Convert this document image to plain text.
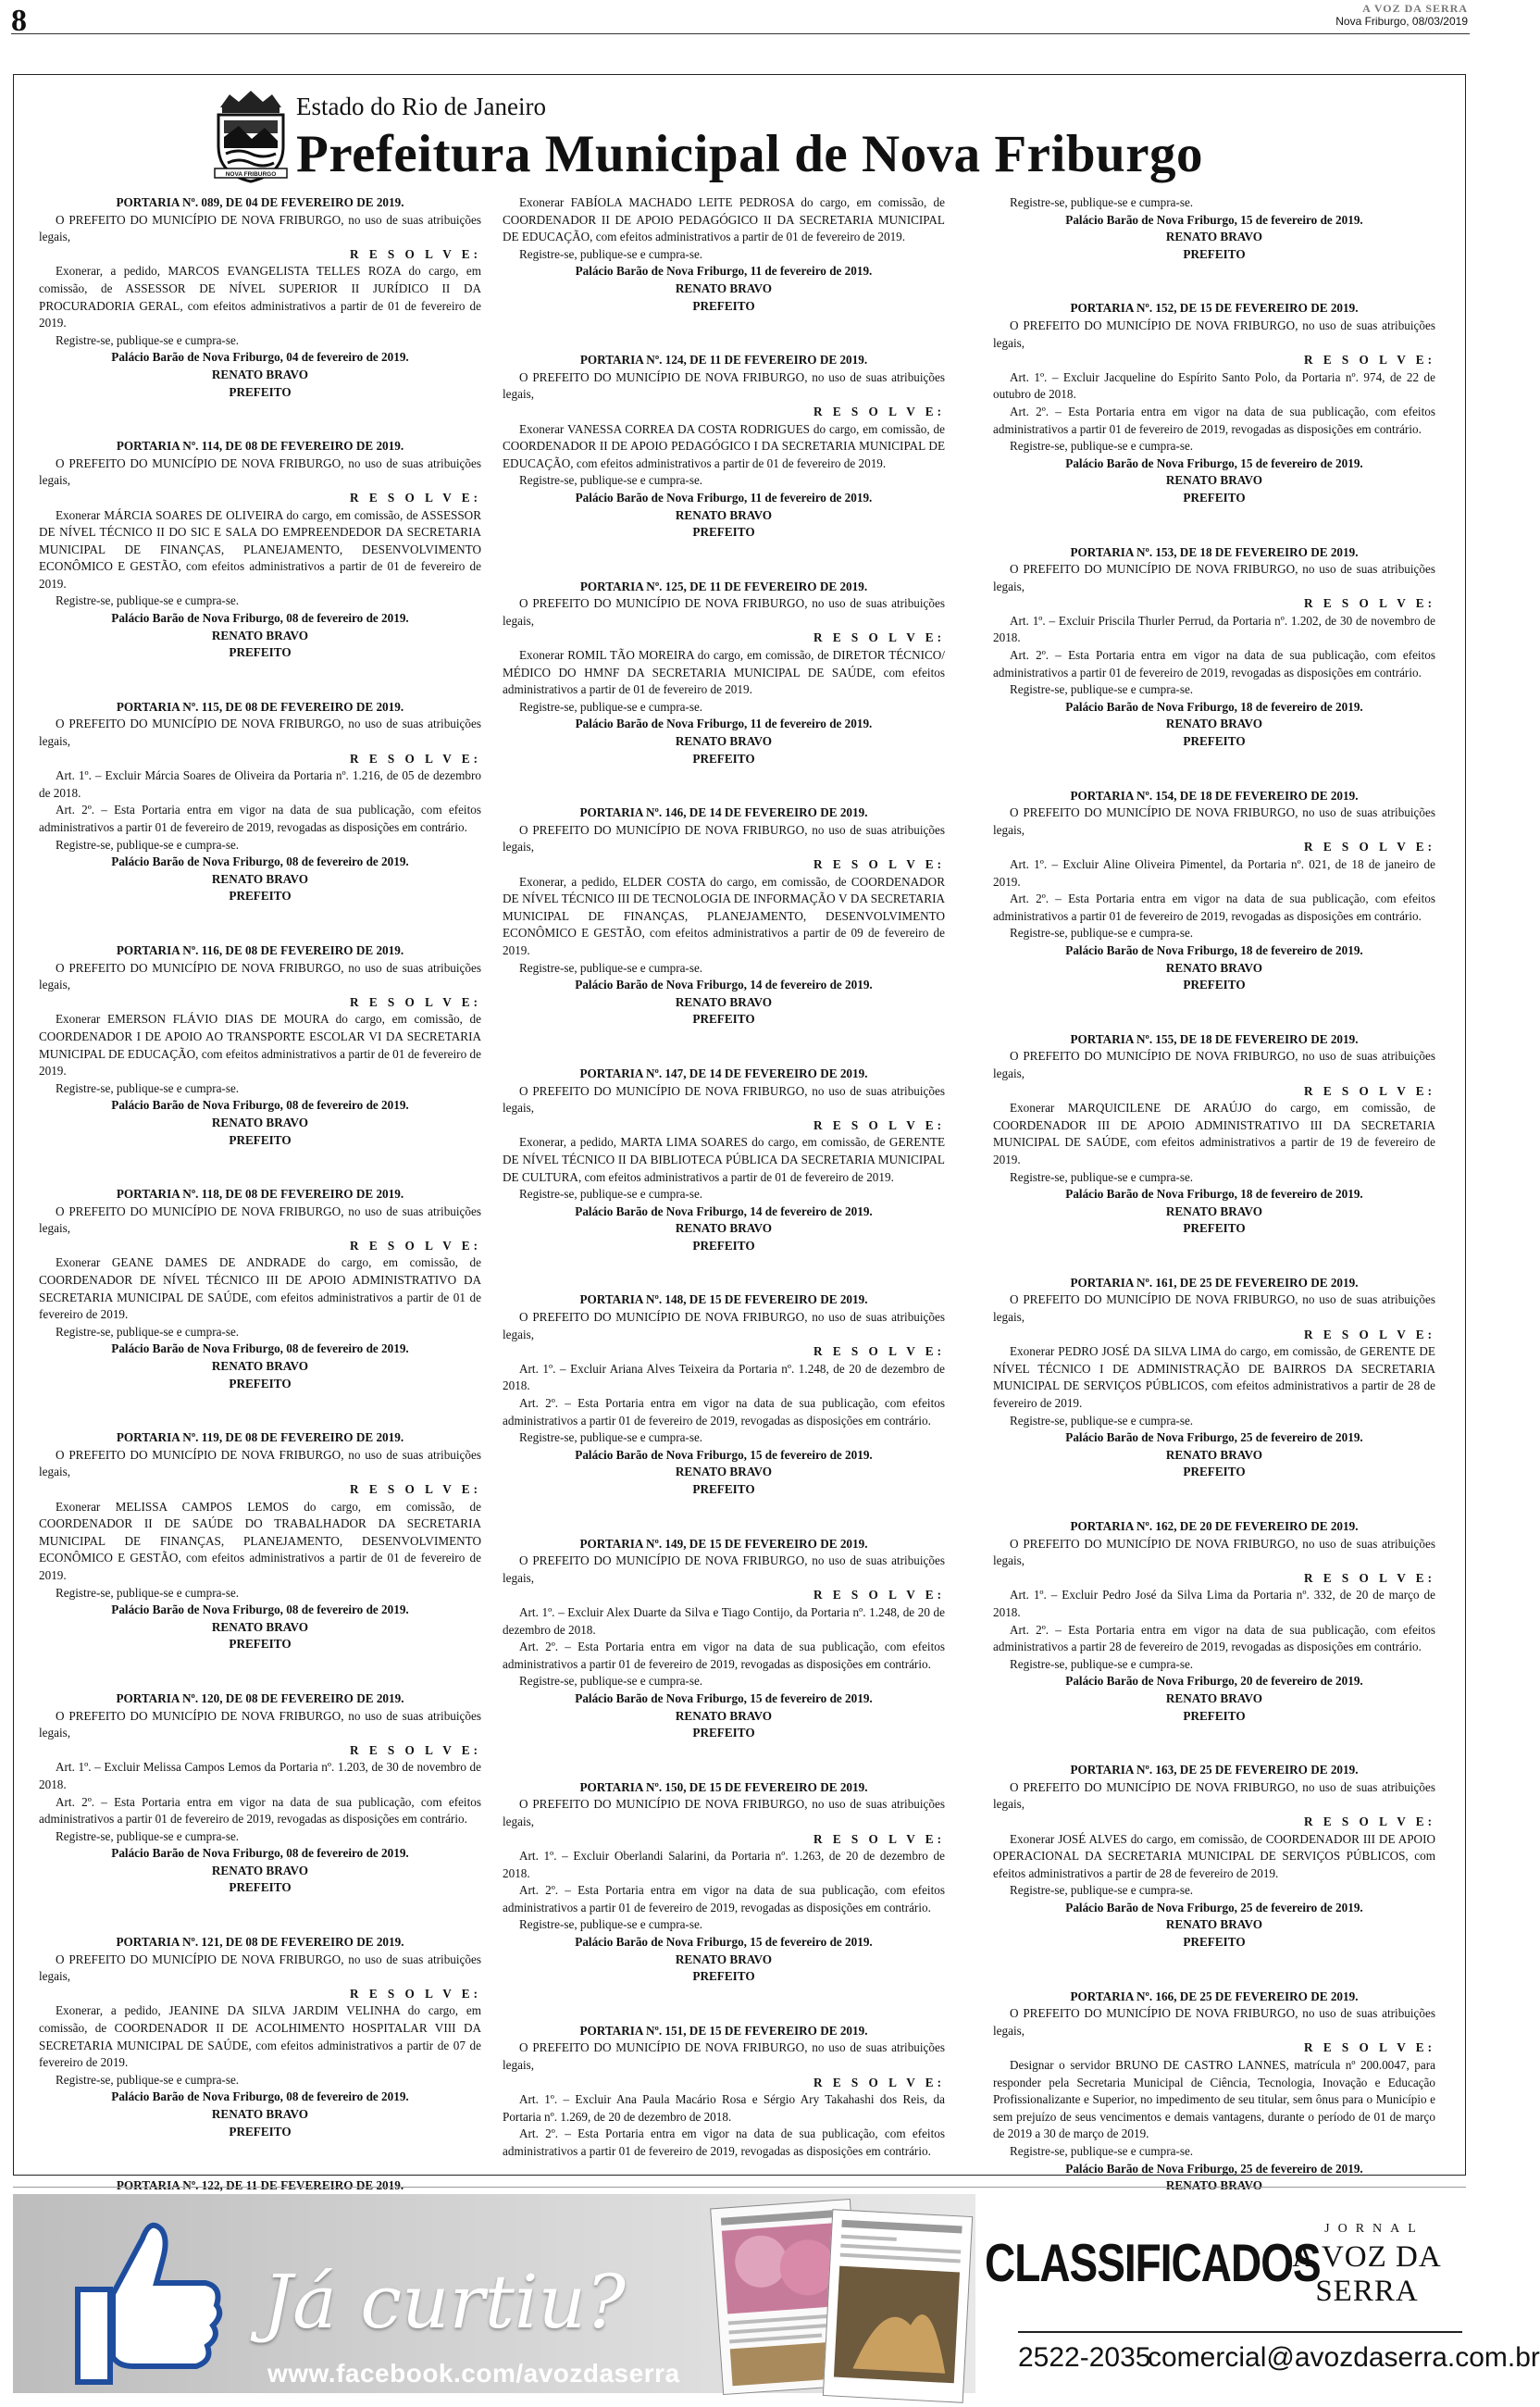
8	A VOZ DA SERRA
Nova Friburgo, 08/03/2019
NOVA FRIBURGO
Estado do Rio de Janeiro
Prefeitura Municipal de Nova Friburgo

PORTARIA Nº. 089, DE 04 DE FEVEREIRO DE 2019.

O PREFEITO DO MUNICÍPIO DE NOVA FRIBURGO, no uso de suas atribuições legais,

R E S O L V E:

Exonerar, a pedido, MARCOS EVANGELISTA TELLES ROZA do cargo, em comissão, de ASSESSOR DE NÍVEL SUPERIOR II JURÍDICO II DA PROCURADORIA GERAL, com efeitos administrativos a partir de 01 de fevereiro de 2019.

Registre-se, publique-se e cumpra-se.

Palácio Barão de Nova Friburgo, 04 de fevereiro de 2019.

RENATO BRAVO

PREFEITO

PORTARIA Nº. 114, DE 08 DE FEVEREIRO DE 2019.

O PREFEITO DO MUNICÍPIO DE NOVA FRIBURGO, no uso de suas atribuições legais,

R E S O L V E:

Exonerar MÁRCIA SOARES DE OLIVEIRA do cargo, em comissão, de ASSESSOR DE NÍVEL TÉCNICO II DO SIC E SALA DO EMPREENDEDOR DA SECRETARIA MUNICIPAL DE FINANÇAS, PLANEJAMENTO, DESENVOLVIMENTO ECONÔMICO E GESTÃO, com efeitos administrativos a partir de 01 de fevereiro de 2019.

Registre-se, publique-se e cumpra-se.

Palácio Barão de Nova Friburgo, 08 de fevereiro de 2019.

RENATO BRAVO

PREFEITO

PORTARIA Nº. 115, DE 08 DE FEVEREIRO DE 2019.

O PREFEITO DO MUNICÍPIO DE NOVA FRIBURGO, no uso de suas atribuições legais,

R E S O L V E:

Art. 1º. – Excluir Márcia Soares de Oliveira da Portaria nº. 1.216, de 05 de dezembro de 2018.

Art. 2º. – Esta Portaria entra em vigor na data de sua publicação, com efeitos administrativos a partir 01 de fevereiro de 2019, revogadas as disposições em contrário.

Registre-se, publique-se e cumpra-se.

Palácio Barão de Nova Friburgo, 08 de fevereiro de 2019.

RENATO BRAVO

PREFEITO

PORTARIA Nº. 116, DE 08 DE FEVEREIRO DE 2019.

O PREFEITO DO MUNICÍPIO DE NOVA FRIBURGO, no uso de suas atribuições legais,

R E S O L V E:

Exonerar EMERSON FLÁVIO DIAS DE MOURA do cargo, em comissão, de COORDENADOR I DE APOIO AO TRANSPORTE ESCOLAR VI DA SECRETARIA MUNICIPAL DE EDUCAÇÃO, com efeitos administrativos a partir de 01 de fevereiro de 2019.

Registre-se, publique-se e cumpra-se.

Palácio Barão de Nova Friburgo, 08 de fevereiro de 2019.

RENATO BRAVO

PREFEITO

PORTARIA Nº. 118, DE 08 DE FEVEREIRO DE 2019.

O PREFEITO DO MUNICÍPIO DE NOVA FRIBURGO, no uso de suas atribuições legais,

R E S O L V E:

Exonerar GEANE DAMES DE ANDRADE do cargo, em comissão, de COORDENADOR DE NÍVEL TÉCNICO III DE APOIO ADMINISTRATIVO DA SECRETARIA MUNICIPAL DE SAÚDE, com efeitos administrativos a partir de 01 de fevereiro de 2019.

Registre-se, publique-se e cumpra-se.

Palácio Barão de Nova Friburgo, 08 de fevereiro de 2019.

RENATO BRAVO

PREFEITO

PORTARIA Nº. 119, DE 08 DE FEVEREIRO DE 2019.

O PREFEITO DO MUNICÍPIO DE NOVA FRIBURGO, no uso de suas atribuições legais,

R E S O L V E:

Exonerar MELISSA CAMPOS LEMOS do cargo, em comissão, de COORDENADOR II DE SAÚDE DO TRABALHADOR DA SECRETARIA MUNICIPAL DE FINANÇAS, PLANEJAMENTO, DESENVOLVIMENTO ECONÔMICO E GESTÃO, com efeitos administrativos a partir de 01 de fevereiro de 2019.

Registre-se, publique-se e cumpra-se.

Palácio Barão de Nova Friburgo, 08 de fevereiro de 2019.

RENATO BRAVO

PREFEITO

PORTARIA Nº. 120, DE 08 DE FEVEREIRO DE 2019.

O PREFEITO DO MUNICÍPIO DE NOVA FRIBURGO, no uso de suas atribuições legais,

R E S O L V E:

Art. 1º. – Excluir Melissa Campos Lemos da Portaria nº. 1.203, de 30 de novembro de 2018.

Art. 2º. – Esta Portaria entra em vigor na data de sua publicação, com efeitos administrativos a partir 01 de fevereiro de 2019, revogadas as disposições em contrário.

Registre-se, publique-se e cumpra-se.

Palácio Barão de Nova Friburgo, 08 de fevereiro de 2019.

RENATO BRAVO

PREFEITO

PORTARIA Nº. 121, DE 08 DE FEVEREIRO DE 2019.

O PREFEITO DO MUNICÍPIO DE NOVA FRIBURGO, no uso de suas atribuições legais,

R E S O L V E:

Exonerar, a pedido, JEANINE DA SILVA JARDIM VELINHA do cargo, em comissão, de COORDENADOR II DE ACOLHIMENTO HOSPITALAR VIII DA SECRETARIA MUNICIPAL DE SAÚDE, com efeitos administrativos a partir de 07 de fevereiro de 2019.

Registre-se, publique-se e cumpra-se.

Palácio Barão de Nova Friburgo, 08 de fevereiro de 2019.

RENATO BRAVO

PREFEITO

PORTARIA Nº. 122, DE 11 DE FEVEREIRO DE 2019.

Exonerar FABÍOLA MACHADO LEITE PEDROSA do cargo, em comissão, de COORDENADOR II DE APOIO PEDAGÓGICO II DA SECRETARIA MUNICIPAL DE EDUCAÇÃO, com efeitos administrativos a partir de 01 de fevereiro de 2019.

Registre-se, publique-se e cumpra-se.

Palácio Barão de Nova Friburgo, 11 de fevereiro de 2019.

RENATO BRAVO

PREFEITO

PORTARIA Nº. 124, DE 11 DE FEVEREIRO DE 2019.

O PREFEITO DO MUNICÍPIO DE NOVA FRIBURGO, no uso de suas atribuições legais,

R E S O L V E:

Exonerar VANESSA CORREA DA COSTA RODRIGUES do cargo, em comissão, de COORDENADOR II DE APOIO PEDAGÓGICO I DA SECRETARIA MUNICIPAL DE EDUCAÇÃO, com efeitos administrativos a partir de 01 de fevereiro de 2019.

Registre-se, publique-se e cumpra-se.

Palácio Barão de Nova Friburgo, 11 de fevereiro de 2019.

RENATO BRAVO

PREFEITO

PORTARIA Nº. 125, DE 11 DE FEVEREIRO DE 2019.

O PREFEITO DO MUNICÍPIO DE NOVA FRIBURGO, no uso de suas atribuições legais,

R E S O L V E:

Exonerar ROMIL TÃO MOREIRA do cargo, em comissão, de DIRETOR TÉCNICO/ MÉDICO DO HMNF DA SECRETARIA MUNICIPAL DE SAÚDE, com efeitos administrativos a partir de 01 de fevereiro de 2019.

Registre-se, publique-se e cumpra-se.

Palácio Barão de Nova Friburgo, 11 de fevereiro de 2019.

RENATO BRAVO

PREFEITO

PORTARIA Nº. 146, DE 14 DE FEVEREIRO DE 2019.

O PREFEITO DO MUNICÍPIO DE NOVA FRIBURGO, no uso de suas atribuições legais,

R E S O L V E:

Exonerar, a pedido, ELDER COSTA do cargo, em comissão, de COORDENADOR DE NÍVEL TÉCNICO III DE TECNOLOGIA DE INFORMAÇÃO V DA SECRETARIA MUNICIPAL DE FINANÇAS, PLANEJAMENTO, DESENVOLVIMENTO ECONÔMICO E GESTÃO, com efeitos administrativos a partir de 09 de fevereiro de 2019.

Registre-se, publique-se e cumpra-se.

Palácio Barão de Nova Friburgo, 14 de fevereiro de 2019.

RENATO BRAVO

PREFEITO

PORTARIA Nº. 147, DE 14 DE FEVEREIRO DE 2019.

O PREFEITO DO MUNICÍPIO DE NOVA FRIBURGO, no uso de suas atribuições legais,

R E S O L V E:

Exonerar, a pedido, MARTA LIMA SOARES do cargo, em comissão, de GERENTE DE NÍVEL TÉCNICO II DA BIBLIOTECA PÚBLICA DA SECRETARIA MUNICIPAL DE CULTURA, com efeitos administrativos a partir de 01 de fevereiro de 2019.

Registre-se, publique-se e cumpra-se.

Palácio Barão de Nova Friburgo, 14 de fevereiro de 2019.

RENATO BRAVO

PREFEITO

PORTARIA Nº. 148, DE 15 DE FEVEREIRO DE 2019.

O PREFEITO DO MUNICÍPIO DE NOVA FRIBURGO, no uso de suas atribuições legais,

R E S O L V E:

Art. 1º. – Excluir Ariana Alves Teixeira da Portaria nº. 1.248, de 20 de dezembro de 2018.

Art. 2º. – Esta Portaria entra em vigor na data de sua publicação, com efeitos administrativos a partir 01 de fevereiro de 2019, revogadas as disposições em contrário.

Registre-se, publique-se e cumpra-se.

Palácio Barão de Nova Friburgo, 15 de fevereiro de 2019.

RENATO BRAVO

PREFEITO

PORTARIA Nº. 149, DE 15 DE FEVEREIRO DE 2019.

O PREFEITO DO MUNICÍPIO DE NOVA FRIBURGO, no uso de suas atribuições legais,

R E S O L V E:

Art. 1º. – Excluir Alex Duarte da Silva e Tiago Contijo, da Portaria nº. 1.248, de 20 de dezembro de 2018.

Art. 2º. – Esta Portaria entra em vigor na data de sua publicação, com efeitos administrativos a partir 01 de fevereiro de 2019, revogadas as disposições em contrário.

Registre-se, publique-se e cumpra-se.

Palácio Barão de Nova Friburgo, 15 de fevereiro de 2019.

RENATO BRAVO

PREFEITO

PORTARIA Nº. 150, DE 15 DE FEVEREIRO DE 2019.

O PREFEITO DO MUNICÍPIO DE NOVA FRIBURGO, no uso de suas atribuições legais,

R E S O L V E:

Art. 1º. – Excluir Oberlandi Salarini, da Portaria nº. 1.263, de 20 de dezembro de 2018.

Art. 2º. – Esta Portaria entra em vigor na data de sua publicação, com efeitos administrativos a partir 01 de fevereiro de 2019, revogadas as disposições em contrário.

Registre-se, publique-se e cumpra-se.

Palácio Barão de Nova Friburgo, 15 de fevereiro de 2019.

RENATO BRAVO

PREFEITO

PORTARIA Nº. 151, DE 15 DE FEVEREIRO DE 2019.

O PREFEITO DO MUNICÍPIO DE NOVA FRIBURGO, no uso de suas atribuições legais,

R E S O L V E:

Art. 1º. – Excluir Ana Paula Macário Rosa e Sérgio Ary Takahashi dos Reis, da Portaria nº. 1.269, de 20 de dezembro de 2018.

Art. 2º. – Esta Portaria entra em vigor na data de sua publicação, com efeitos administrativos a partir 01 de fevereiro de 2019, revogadas as disposições em contrário.

Registre-se, publique-se e cumpra-se.

Palácio Barão de Nova Friburgo, 15 de fevereiro de 2019.

RENATO BRAVO

PREFEITO

PORTARIA Nº. 152, DE 15 DE FEVEREIRO DE 2019.

O PREFEITO DO MUNICÍPIO DE NOVA FRIBURGO, no uso de suas atribuições legais,

R E S O L V E:

Art. 1º. – Excluir Jacqueline do Espírito Santo Polo, da Portaria nº. 974, de 22 de outubro de 2018.

Art. 2º. – Esta Portaria entra em vigor na data de sua publicação, com efeitos administrativos a partir 01 de fevereiro de 2019, revogadas as disposições em contrário.

Registre-se, publique-se e cumpra-se.

Palácio Barão de Nova Friburgo, 15 de fevereiro de 2019.

RENATO BRAVO

PREFEITO

PORTARIA Nº. 153, DE 18 DE FEVEREIRO DE 2019.

O PREFEITO DO MUNICÍPIO DE NOVA FRIBURGO, no uso de suas atribuições legais,

R E S O L V E:

Art. 1º. – Excluir Priscila Thurler Perrud, da Portaria nº. 1.202, de 30 de novembro de 2018.

Art. 2º. – Esta Portaria entra em vigor na data de sua publicação, com efeitos administrativos a partir 01 de fevereiro de 2019, revogadas as disposições em contrário.

Registre-se, publique-se e cumpra-se.

Palácio Barão de Nova Friburgo, 18 de fevereiro de 2019.

RENATO BRAVO

PREFEITO

PORTARIA Nº. 154, DE 18 DE FEVEREIRO DE 2019.

O PREFEITO DO MUNICÍPIO DE NOVA FRIBURGO, no uso de suas atribuições legais,

R E S O L V E:

Art. 1º. – Excluir Aline Oliveira Pimentel, da Portaria nº. 021, de 18 de janeiro de 2019.

Art. 2º. – Esta Portaria entra em vigor na data de sua publicação, com efeitos administrativos a partir 01 de fevereiro de 2019, revogadas as disposições em contrário.

Registre-se, publique-se e cumpra-se.

Palácio Barão de Nova Friburgo, 18 de fevereiro de 2019.

RENATO BRAVO

PREFEITO

PORTARIA Nº. 155, DE 18 DE FEVEREIRO DE 2019.

O PREFEITO DO MUNICÍPIO DE NOVA FRIBURGO, no uso de suas atribuições legais,

R E S O L V E:

Exonerar MARQUICILENE DE ARAÚJO do cargo, em comissão, de COORDENADOR III DE APOIO ADMINISTRATIVO III DA SECRETARIA MUNICIPAL DE SAÚDE, com efeitos administrativos a partir de 19 de fevereiro de 2019.

Registre-se, publique-se e cumpra-se.

Palácio Barão de Nova Friburgo, 18 de fevereiro de 2019.

RENATO BRAVO

PREFEITO

PORTARIA Nº. 161, DE 25 DE FEVEREIRO DE 2019.

O PREFEITO DO MUNICÍPIO DE NOVA FRIBURGO, no uso de suas atribuições legais,

R E S O L V E:

Exonerar PEDRO JOSÉ DA SILVA LIMA do cargo, em comissão, de GERENTE DE NÍVEL TÉCNICO I DE ADMINISTRAÇÃO DE BAIRROS DA SECRETARIA MUNICIPAL DE SERVIÇOS PÚBLICOS, com efeitos administrativos a partir de 28 de fevereiro de 2019.

Registre-se, publique-se e cumpra-se.

Palácio Barão de Nova Friburgo, 25 de fevereiro de 2019.

RENATO BRAVO

PREFEITO

PORTARIA Nº. 162, DE 20 DE FEVEREIRO DE 2019.

O PREFEITO DO MUNICÍPIO DE NOVA FRIBURGO, no uso de suas atribuições legais,

R E S O L V E:

Art. 1º. – Excluir Pedro José da Silva Lima da Portaria nº. 332, de 20 de março de 2018.

Art. 2º. – Esta Portaria entra em vigor na data de sua publicação, com efeitos administrativos a partir 28 de fevereiro de 2019, revogadas as disposições em contrário.

Registre-se, publique-se e cumpra-se.

Palácio Barão de Nova Friburgo, 20 de fevereiro de 2019.

RENATO BRAVO

PREFEITO

PORTARIA Nº. 163, DE 25 DE FEVEREIRO DE 2019.

O PREFEITO DO MUNICÍPIO DE NOVA FRIBURGO, no uso de suas atribuições legais,

R E S O L V E:

Exonerar JOSÉ ALVES do cargo, em comissão, de COORDENADOR III DE APOIO OPERACIONAL DA SECRETARIA MUNICIPAL DE SERVIÇOS PÚBLICOS, com efeitos administrativos a partir de 28 de fevereiro de 2019.

Registre-se, publique-se e cumpra-se.

Palácio Barão de Nova Friburgo, 25 de fevereiro de 2019.

RENATO BRAVO

PREFEITO

PORTARIA Nº. 166, DE 25 DE FEVEREIRO DE 2019.

O PREFEITO DO MUNICÍPIO DE NOVA FRIBURGO, no uso de suas atribuições legais,

R E S O L V E:

Designar o servidor BRUNO DE CASTRO LANNES, matrícula nº 200.0047, para responder pela Secretaria Municipal de Ciência, Tecnologia, Inovação e Educação Profissionalizante e Superior, no impedimento de seu titular, sem ônus para o Município e sem prejuízo de seus vencimentos e demais vantagens, durante o período de 01 de março de 2019 a 30 de março de 2019.

Registre-se, publique-se e cumpra-se.

Palácio Barão de Nova Friburgo, 25 de fevereiro de 2019.

RENATO BRAVO

Já curtiu?
www.facebook.com/avozdaserra
CLASSIFICADOS
JORNAL
A VOZ DA SERRA
2522-2035
comercial@avozdaserra.com.br
